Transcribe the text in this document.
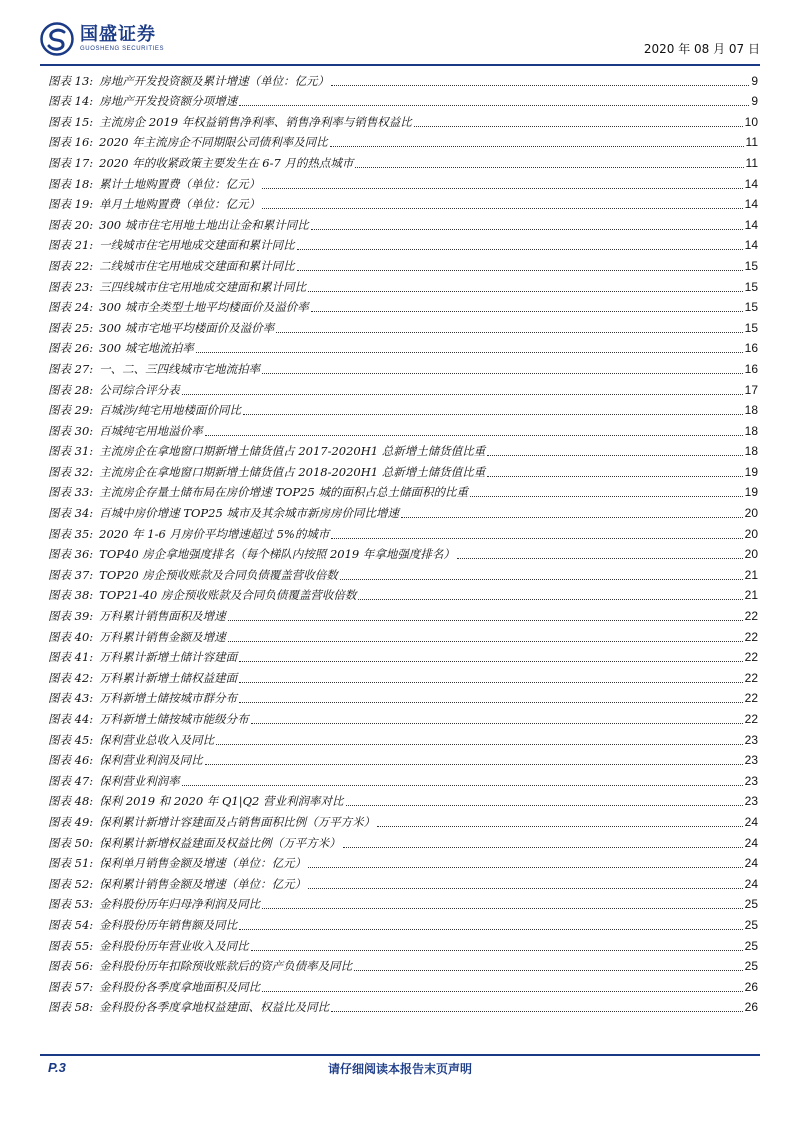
国盛证券
GUOSHENG SECURITIES	2020 年 08 月 07 日
图表 13: 房地产开发投资额及累计增速（单位：亿元）	9
图表 14: 房地产开发投资额分项增速	9
图表 15: 主流房企 2019 年权益销售净利率、销售净利率与销售权益比	10
图表 16: 2020 年主流房企不同期限公司债利率及同比	11
图表 17: 2020 年的收紧政策主要发生在 6-7 月的热点城市	11
图表 18: 累计土地购置费（单位：亿元）	14
图表 19: 单月土地购置费（单位：亿元）	14
图表 20: 300 城市住宅用地土地出让金和累计同比	14
图表 21: 一线城市住宅用地成交建面和累计同比	14
图表 22: 二线城市住宅用地成交建面和累计同比	15
图表 23: 三四线城市住宅用地成交建面和累计同比	15
图表 24: 300 城市全类型土地平均楼面价及溢价率	15
图表 25: 300 城市宅地平均楼面价及溢价率	15
图表 26: 300 城宅地流拍率	16
图表 27: 一、二、三四线城市宅地流拍率	16
图表 28: 公司综合评分表	17
图表 29: 百城涉/纯宅用地楼面价同比	18
图表 30: 百城纯宅用地溢价率	18
图表 31: 主流房企在拿地窗口期新增土储货值占 2017-2020H1 总新增土储货值比重	18
图表 32: 主流房企在拿地窗口期新增土储货值占 2018-2020H1 总新增土储货值比重	19
图表 33: 主流房企存量土储布局在房价增速 TOP25 城的面积占总土储面积的比重	19
图表 34: 百城中房价增速 TOP25 城市及其余城市新房房价同比增速	20
图表 35: 2020 年 1-6 月房价平均增速超过 5%的城市	20
图表 36: TOP40 房企拿地强度排名（每个梯队内按照 2019 年拿地强度排名）	20
图表 37: TOP20 房企预收账款及合同负债覆盖营收倍数	21
图表 38: TOP21-40 房企预收账款及合同负债覆盖营收倍数	21
图表 39: 万科累计销售面积及增速	22
图表 40: 万科累计销售金额及增速	22
图表 41: 万科累计新增土储计容建面	22
图表 42: 万科累计新增土储权益建面	22
图表 43: 万科新增土储按城市群分布	22
图表 44: 万科新增土储按城市能级分布	22
图表 45: 保利营业总收入及同比	23
图表 46: 保利营业利润及同比	23
图表 47: 保利营业利润率	23
图表 48: 保利 2019 和 2020 年 Q1|Q2 营业利润率对比	23
图表 49: 保利累计新增计容建面及占销售面积比例（万平方米）	24
图表 50: 保利累计新增权益建面及权益比例（万平方米）	24
图表 51: 保利单月销售金额及增速（单位：亿元）	24
图表 52: 保利累计销售金额及增速（单位：亿元）	24
图表 53: 金科股份历年归母净利润及同比	25
图表 54: 金科股份历年销售额及同比	25
图表 55: 金科股份历年营业收入及同比	25
图表 56: 金科股份历年扣除预收账款后的资产负债率及同比	25
图表 57: 金科股份各季度拿地面积及同比	26
图表 58: 金科股份各季度拿地权益建面、权益比及同比	26
P.3	请仔细阅读本报告末页声明
